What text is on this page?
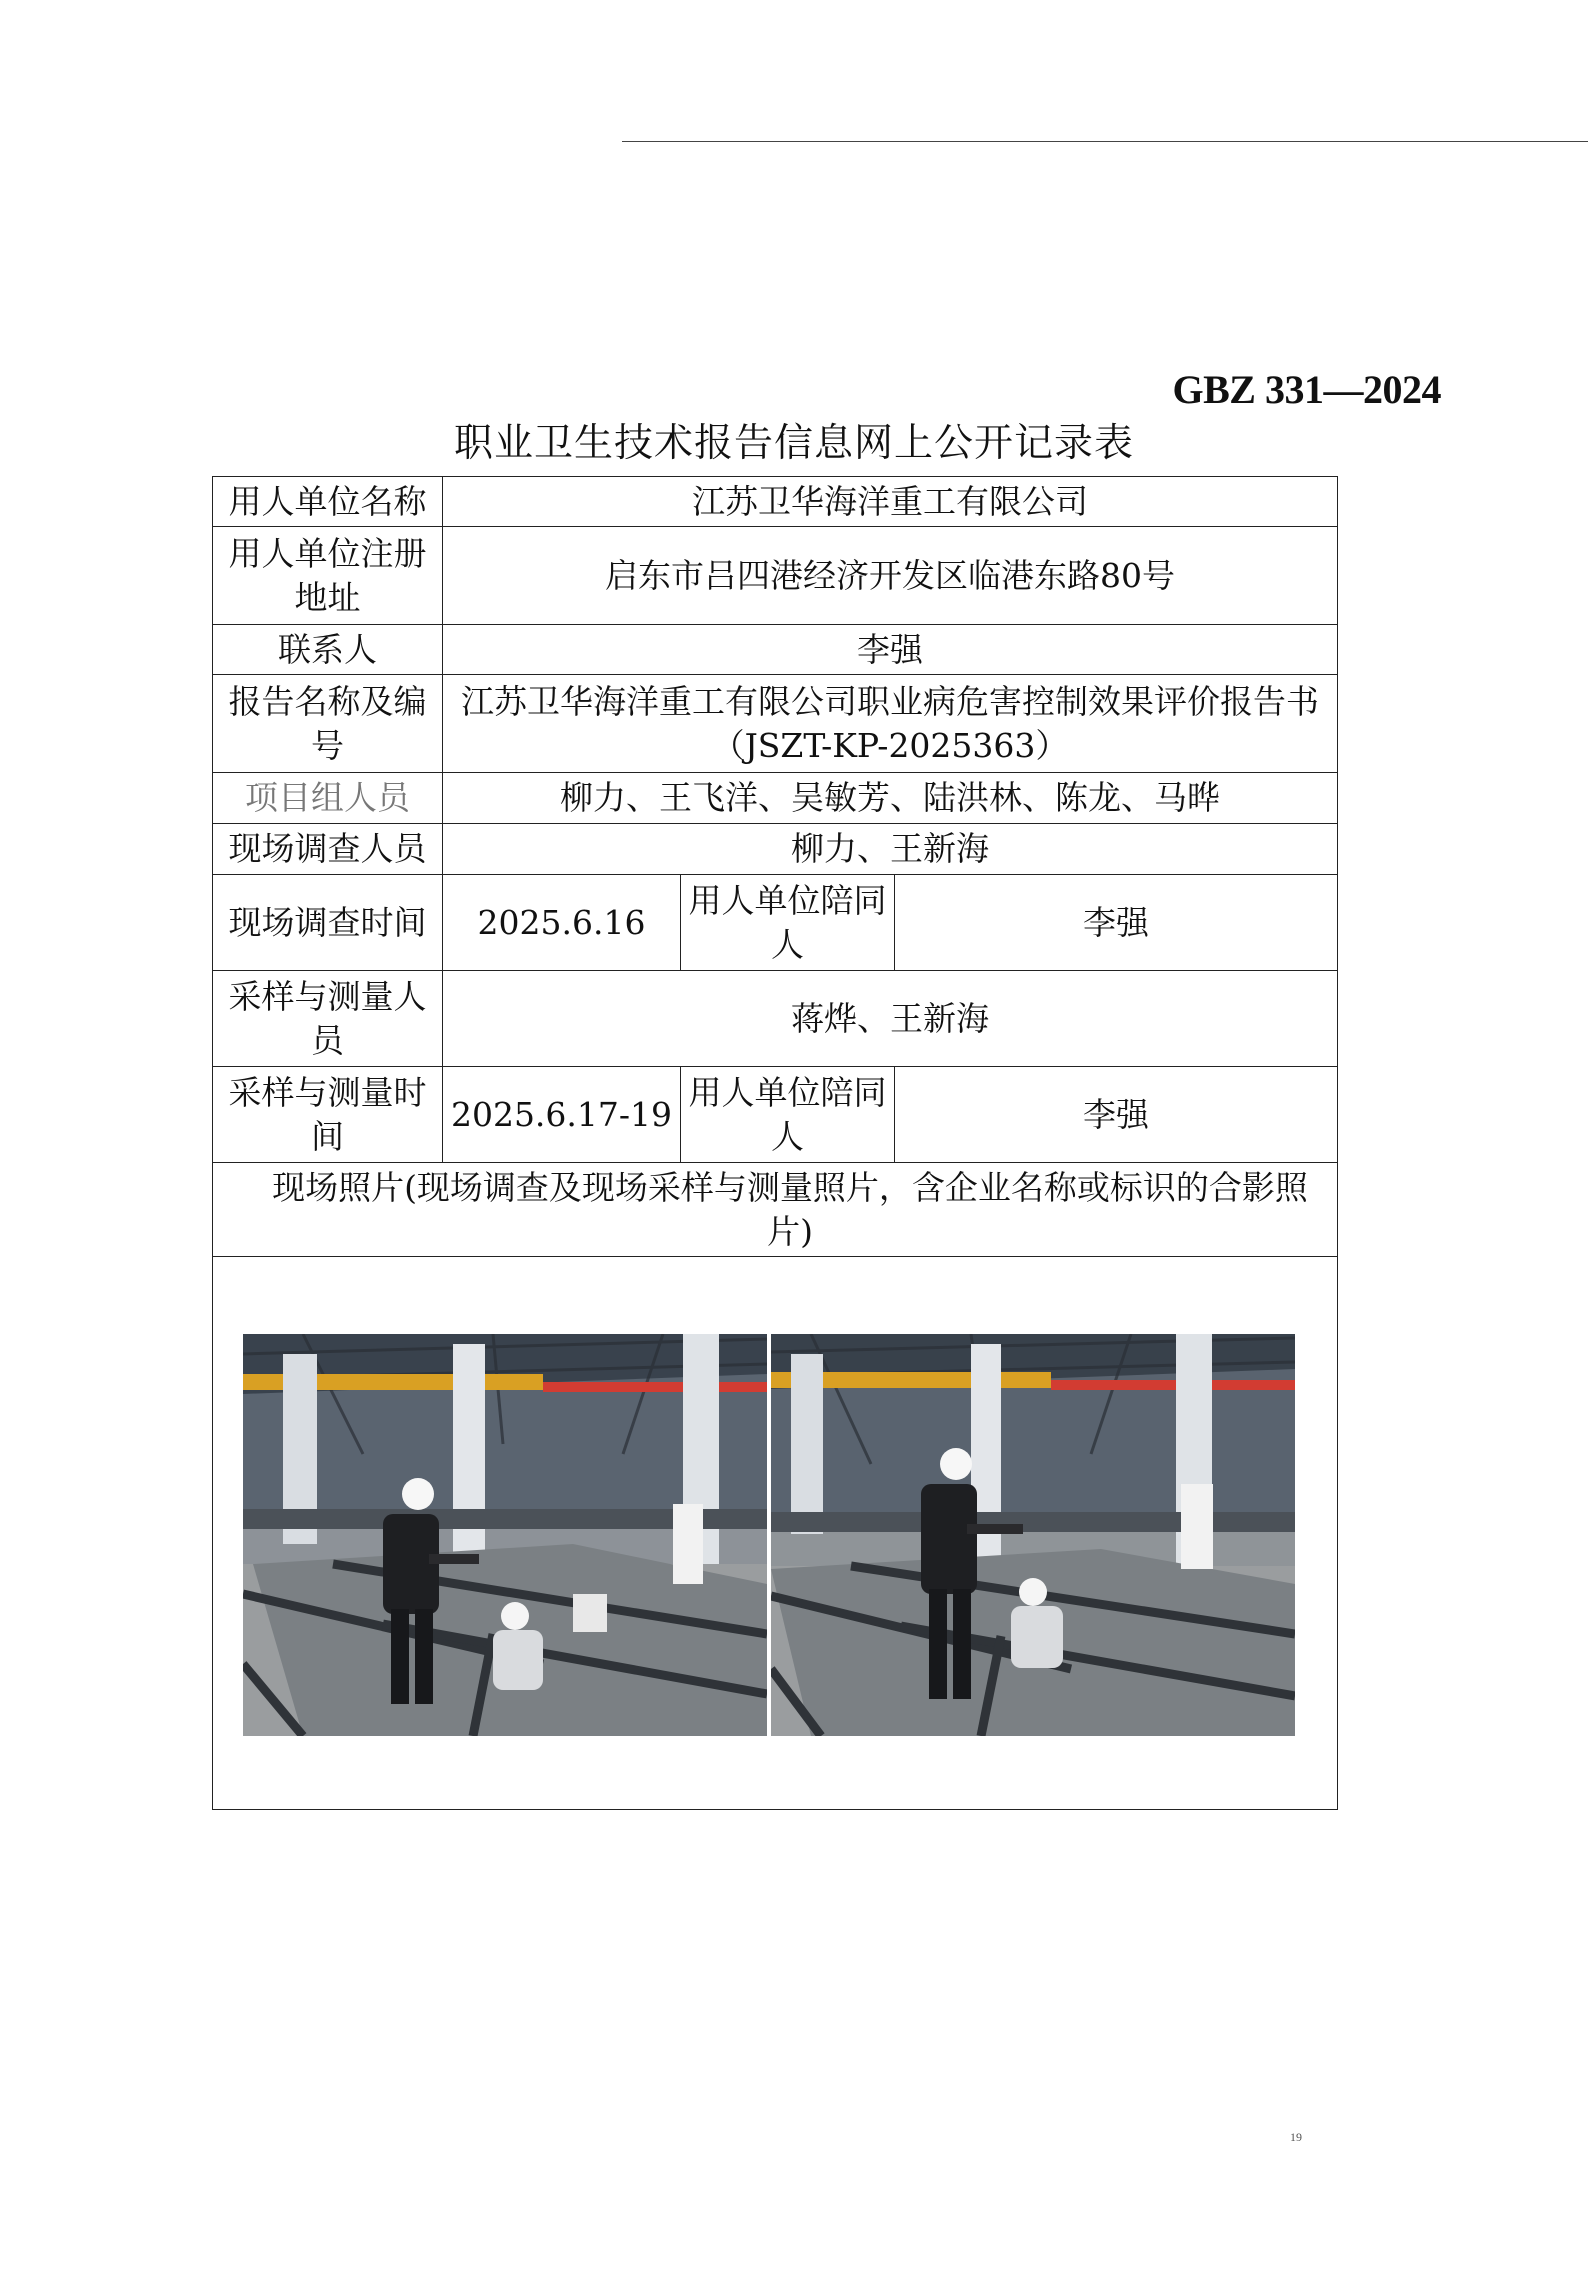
GBZ 331—2024
职业卫生技术报告信息网上公开记录表
用人单位名称	江苏卫华海洋重工有限公司		
用人单位注册地址	启东市吕四港经济开发区临港东路80号		
联系人	李强		
报告名称及编号	江苏卫华海洋重工有限公司职业病危害控制效果评价报告书（JSZT-KP-2025363）		
项目组人员	柳力、王飞洋、吴敏芳、陆洪林、陈龙、马晔		
现场调查人员	柳力、王新海		
现场调查时间	2025.6.16	用人单位陪同人	李强
采样与测量人员	蒋烨、王新海		
采样与测量时间	2025.6.17-19	用人单位陪同人	李强
现场照片(现场调查及现场采样与测量照片，含企业名称或标识的合影照片)			

19
